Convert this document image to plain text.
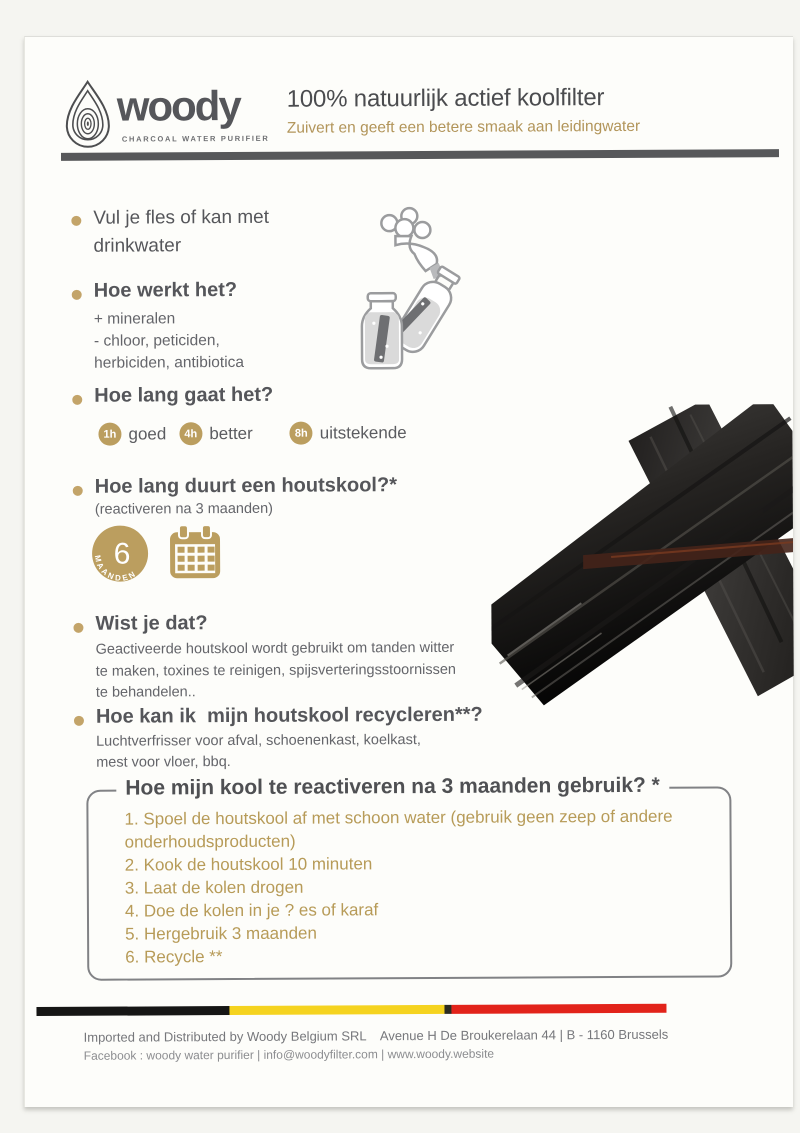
woody
CHARCOAL WATER PURIFIER
100% natuurlijk actief koolfilter
Zuivert en geeft een betere smaak aan leidingwater
Vul je fles of kan met
drinkwater
Hoe werkt het?
+ mineralen
- chloor, peticiden,
herbiciden, antibiotica
Hoe lang gaat het?
1h goed	4h better	8h uitstekende
Hoe lang duurt een houtskool?*
(reactiveren na 3 maanden)
6
MAANDEN
Wist je dat?
Geactiveerde houtskool wordt gebruikt om tanden witter
te maken, toxines te reinigen, spijsverteringsstoornissen
te behandelen..
Hoe kan ik  mijn houtskool recycleren**?
Luchtverfrisser voor afval, schoenenkast, koelkast,
mest voor vloer, bbq.
Hoe mijn kool te reactiveren na 3 maanden gebruik? *
1. Spoel de houtskool af met schoon water (gebruik geen zeep of andere onderhoudsproducten)
2. Kook de houtskool 10 minuten
3. Laat de kolen drogen
4. Doe de kolen in je ? es of karaf
5. Hergebruik 3 maanden
6. Recycle **
Imported and Distributed by Woody Belgium SRL    Avenue H De Broukerelaan 44 | B - 1160 Brussels
Facebook : woody water purifier | info@woodyfilter.com | www.woody.website
